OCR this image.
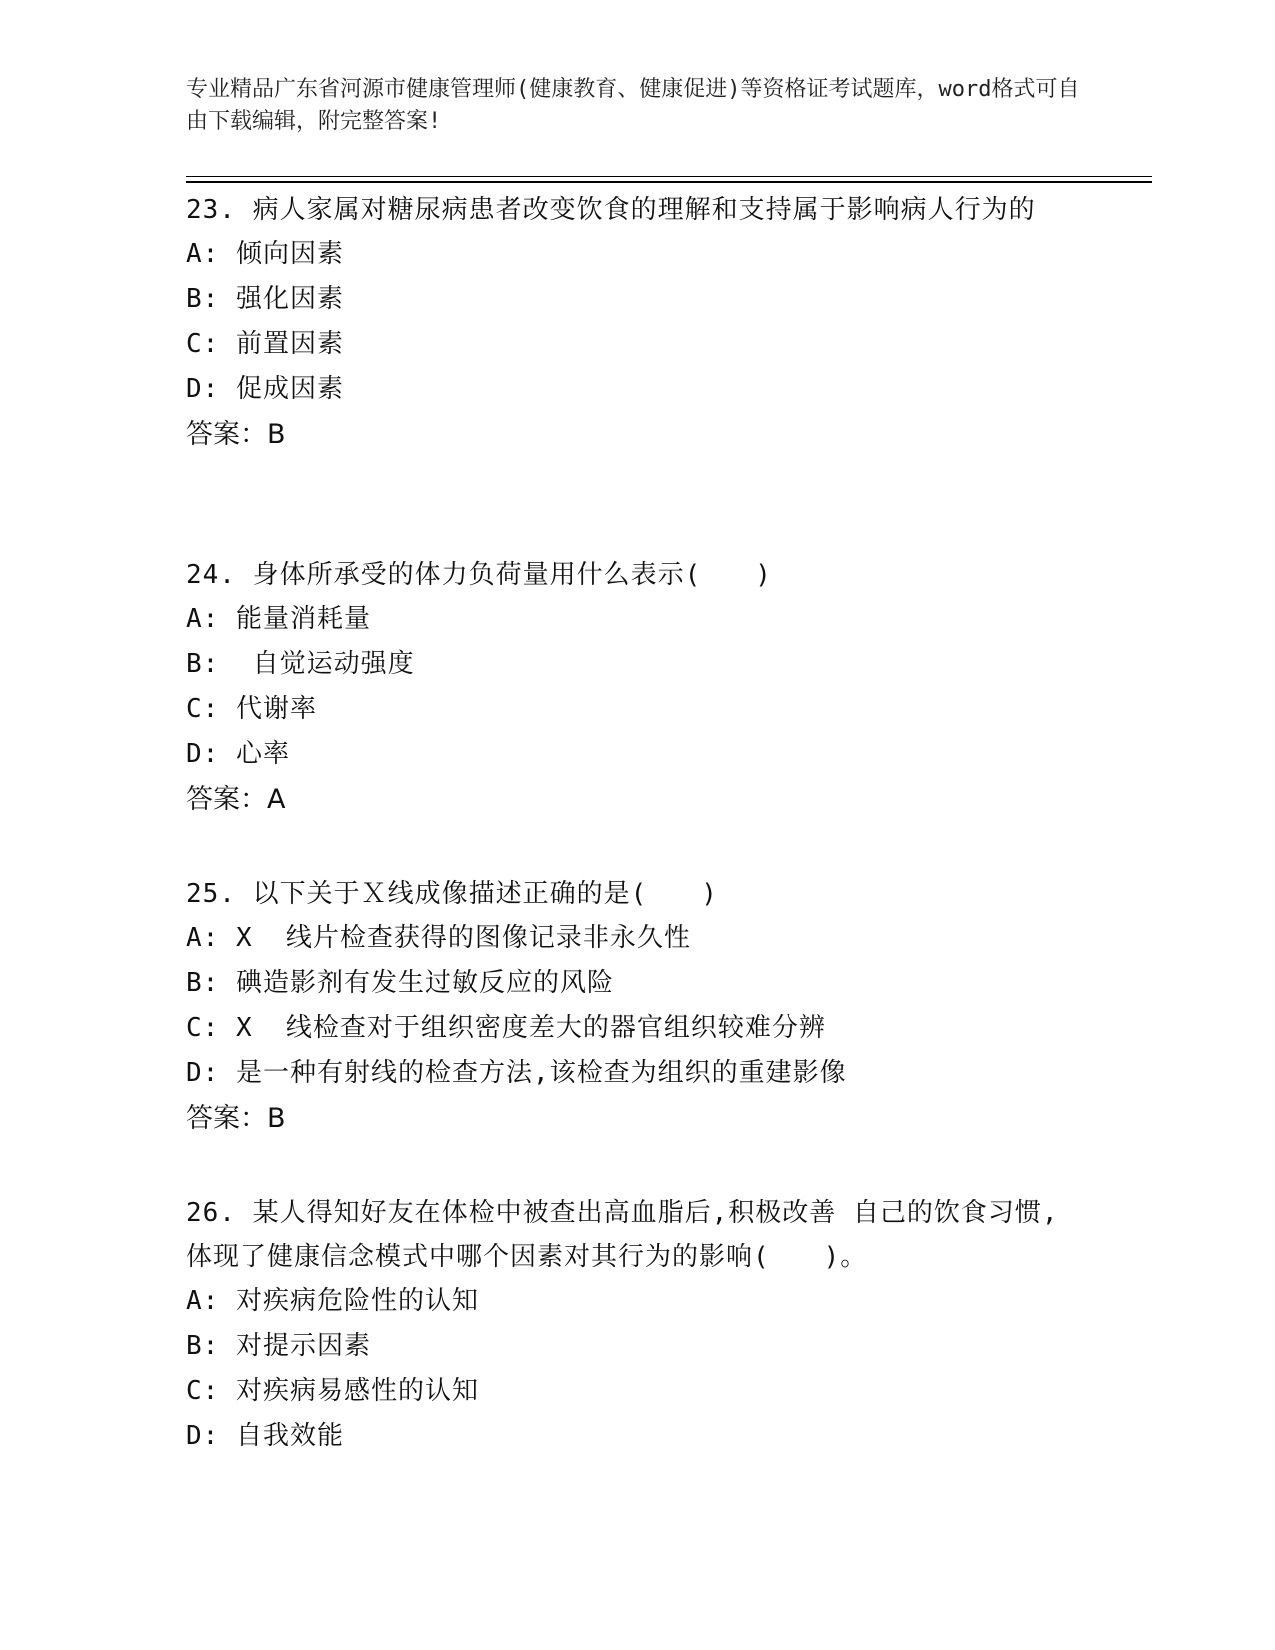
专业精品广东省河源市健康管理师(健康教育、健康促进)等资格证考试题库，word格式可自由下载编辑，附完整答案!

23. 病人家属对糖尿病患者改变饮食的理解和支持属于影响病人行为的

A: 倾向因素

B: 强化因素

C: 前置因素

D: 促成因素

答案：B

24. 身体所承受的体力负荷量用什么表示(　　)

A: 能量消耗量

B:  自觉运动强度

C: 代谢率

D: 心率

答案：A

25. 以下关于Ｘ线成像描述正确的是(　　)

A: X  线片检查获得的图像记录非永久性

B: 碘造影剂有发生过敏反应的风险

C: X  线检查对于组织密度差大的器官组织较难分辨

D: 是一种有射线的检查方法,该检查为组织的重建影像

答案：B

26. 某人得知好友在体检中被查出高血脂后,积极改善 自己的饮食习惯,体现了健康信念模式中哪个因素对其行为的影响(　　)。

A: 对疾病危险性的认知

B: 对提示因素

C: 对疾病易感性的认知

D: 自我效能
